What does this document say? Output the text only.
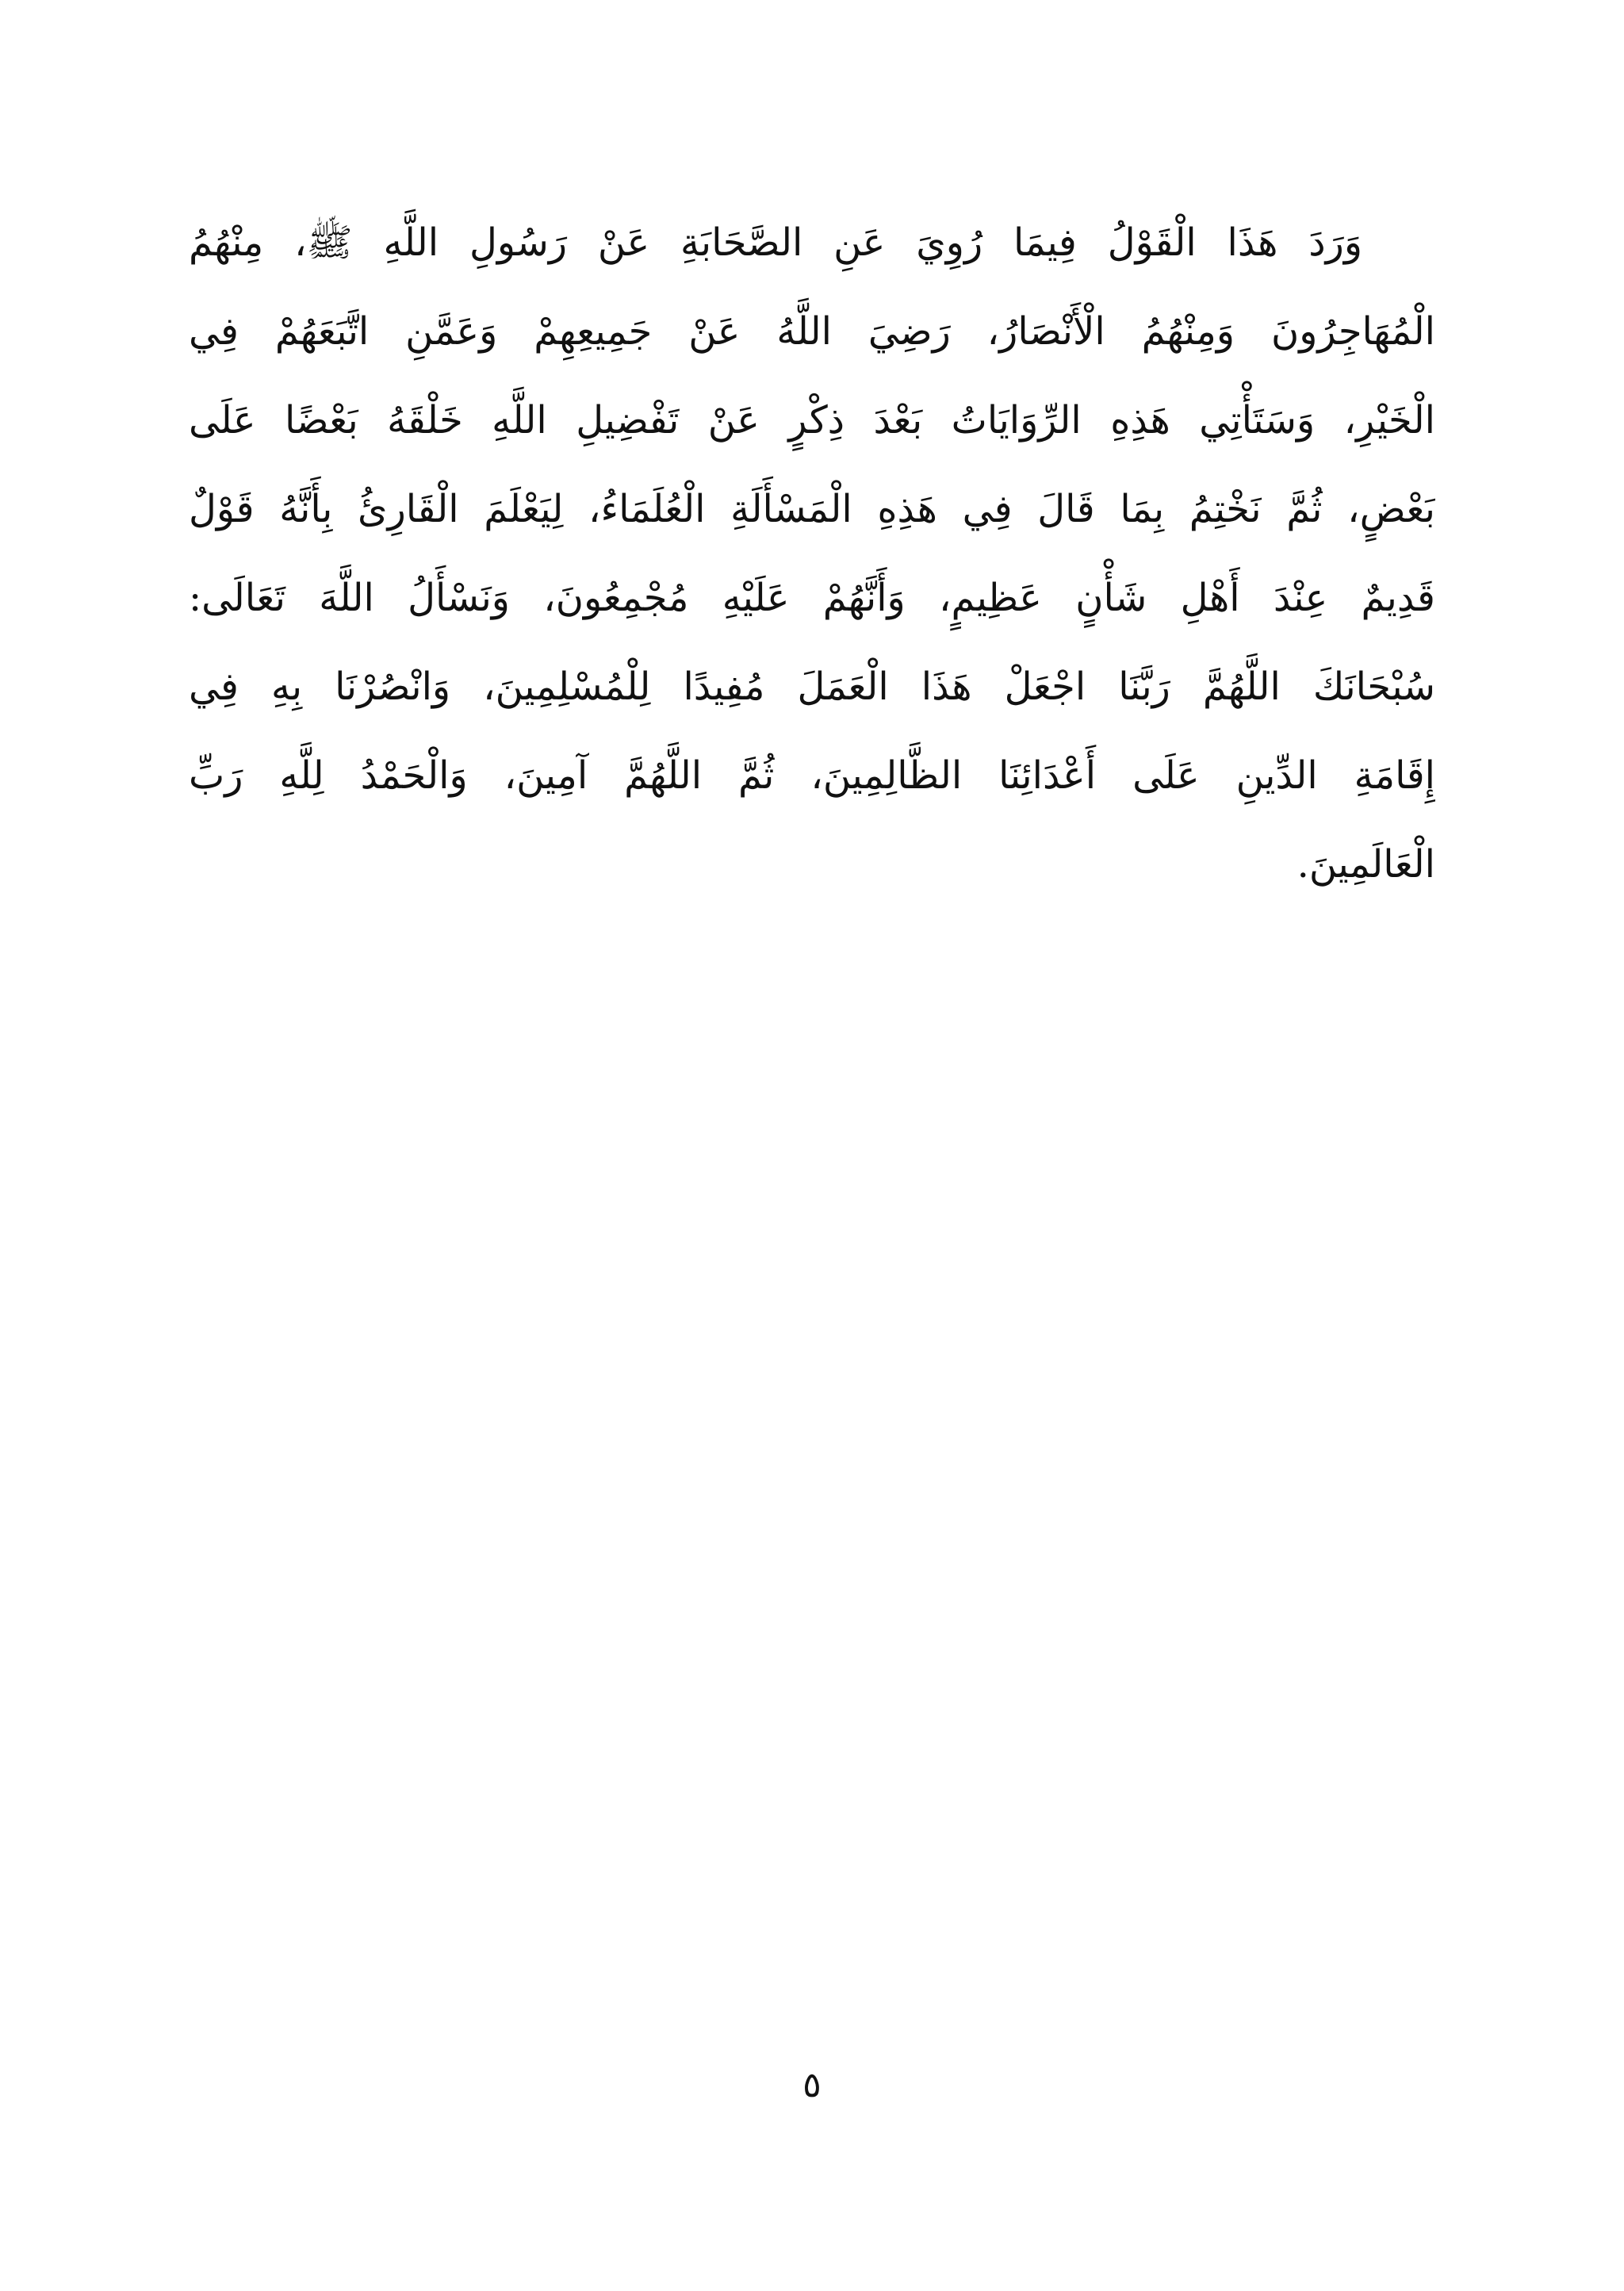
وَرَدَ هَذَا الْقَوْلُ فِيمَا رُوِيَ عَنِ الصَّحَابَةِ عَنْ رَسُولِ اللَّهِ ﷺ، مِنْهُمُ
الْمُهَاجِرُونَ وَمِنْهُمُ الْأَنْصَارُ، رَضِيَ اللَّهُ عَنْ جَمِيعِهِمْ وَعَمَّنِ اتَّبَعَهُمْ فِي
الْخَيْرِ، وَسَتَأْتِي هَذِهِ الرِّوَايَاتُ بَعْدَ ذِكْرٍ عَنْ تَفْضِيلِ اللَّهِ خَلْقَهُ بَعْضًا عَلَى
بَعْضٍ، ثُمَّ نَخْتِمُ بِمَا قَالَ فِي هَذِهِ الْمَسْأَلَةِ الْعُلَمَاءُ، لِيَعْلَمَ الْقَارِئُ بِأَنَّهُ قَوْلٌ
قَدِيمٌ عِنْدَ أَهْلِ شَأْنٍ عَظِيمٍ، وَأَنَّهُمْ عَلَيْهِ مُجْمِعُونَ، وَنَسْأَلُ اللَّهَ تَعَالَى:
سُبْحَانَكَ اللَّهُمَّ رَبَّنَا اجْعَلْ هَذَا الْعَمَلَ مُفِيدًا لِلْمُسْلِمِينَ، وَانْصُرْنَا بِهِ فِي
إِقَامَةِ الدِّينِ عَلَى أَعْدَائِنَا الظَّالِمِينَ، ثُمَّ اللَّهُمَّ آمِينَ، وَالْحَمْدُ لِلَّهِ رَبِّ
الْعَالَمِينَ.
٥
